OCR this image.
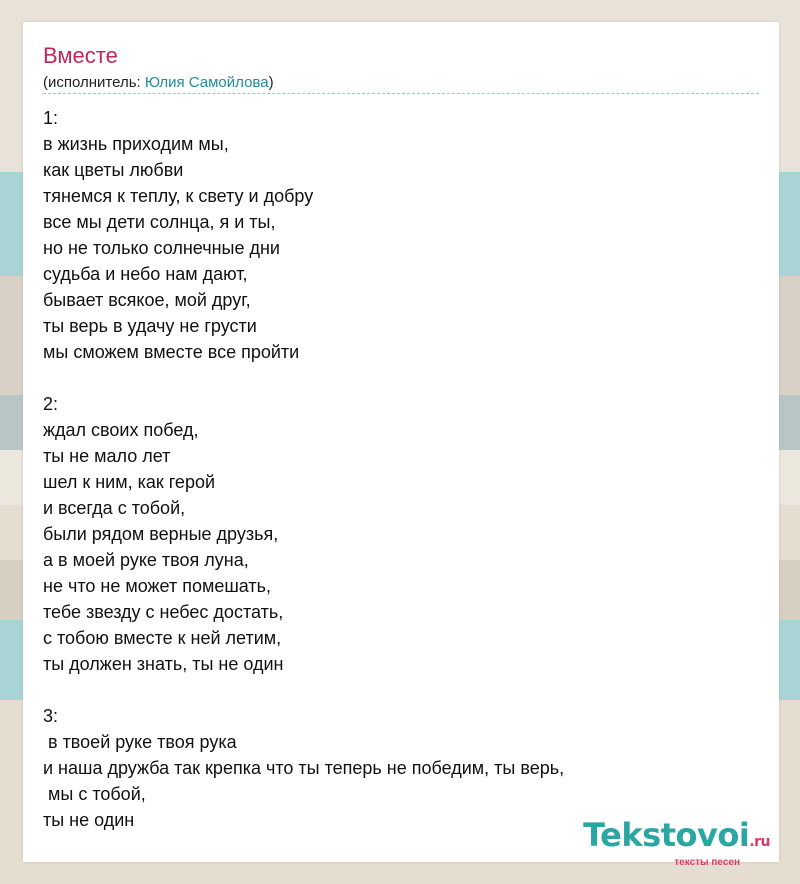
Вместе
(исполнитель: Юлия Самойлова)
1:
в жизнь приходим мы,
как цветы любви
тянемся к теплу, к свету и добру
все мы дети солнца, я и ты,
но не только солнечные дни
судьба и небо нам дают,
бывает всякое, мой друг,
ты верь в удачу не грусти
мы сможем вместе все пройти
2:
ждал своих побед,
ты не мало лет
шел к ним, как герой
и всегда с тобой,
были рядом верные друзья,
а в моей руке твоя луна,
не что не может помешать,
тебе звезду с небес достать,
с тобою вместе к ней летим,
ты должен знать, ты не один
3:
в твоей руке твоя рука
и наша дружба так крепка что ты теперь не победим, ты верь,
мы с тобой,
ты не один	Tekstovoi.ru
тексты песен
